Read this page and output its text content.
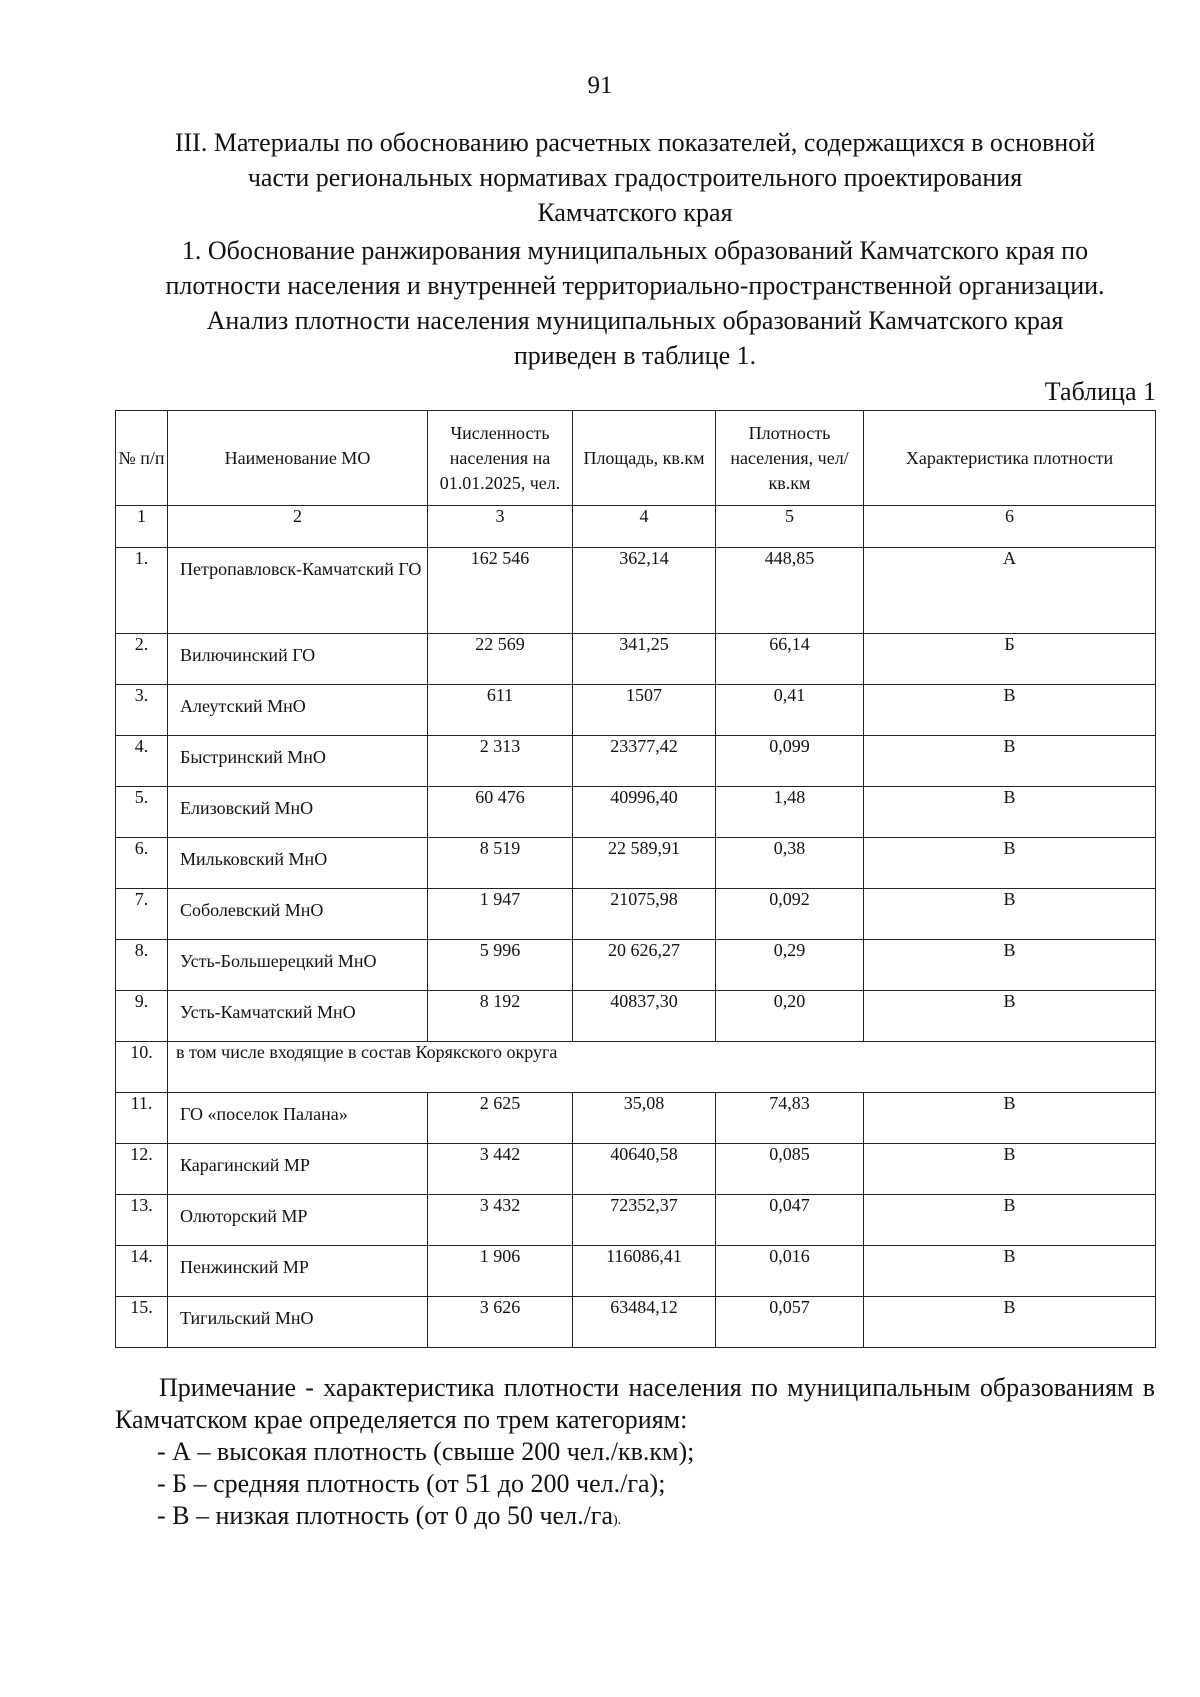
91
III. Материалы по обоснованию расчетных показателей, содержащихся в основной
части региональных нормативах градостроительного проектирования
Камчатского края
1. Обоснование ранжирования муниципальных образований Камчатского края по
плотности населения и внутренней территориально-пространственной организации.
Анализ плотности населения муниципальных образований Камчатского края
приведен в таблице 1.
Таблица 1
№ п/п	Наименование МО	Численность населения на 01.01.2025, чел.	Площадь, кв.км	Плотность населения, чел/ кв.км	Характеристика плотности
1	2	3	4	5	6
1.	Петропавловск-Камчатский ГО	162 546	362,14	448,85	А
2.	Вилючинский ГО	22 569	341,25	66,14	Б
3.	Алеутский МнО	611	1507	0,41	В
4.	Быстринский МнО	2 313	23377,42	0,099	В
5.	Елизовский МнО	60 476	40996,40	1,48	В
6.	Мильковский МнО	8 519	22 589,91	0,38	В
7.	Соболевский МнО	1 947	21075,98	0,092	В
8.	Усть-Большерецкий МнО	5 996	20 626,27	0,29	В
9.	Усть-Камчатский МнО	8 192	40837,30	0,20	В
10.	в том числе входящие в состав Корякского округа				
11.	ГО «поселок Палана»	2 625	35,08	74,83	В
12.	Карагинский МР	3 442	40640,58	0,085	В
13.	Олюторский МР	3 432	72352,37	0,047	В
14.	Пенжинский МР	1 906	116086,41	0,016	В
15.	Тигильский МнО	3 626	63484,12	0,057	В

Примечание - характеристика плотности населения по муниципальным образованиям в Камчатском крае определяется по трем категориям:

- А – высокая плотность (свыше 200 чел./кв.км);

- Б – средняя плотность (от 51 до 200 чел./га);

- В – низкая плотность (от 0 до 50 чел./га).
